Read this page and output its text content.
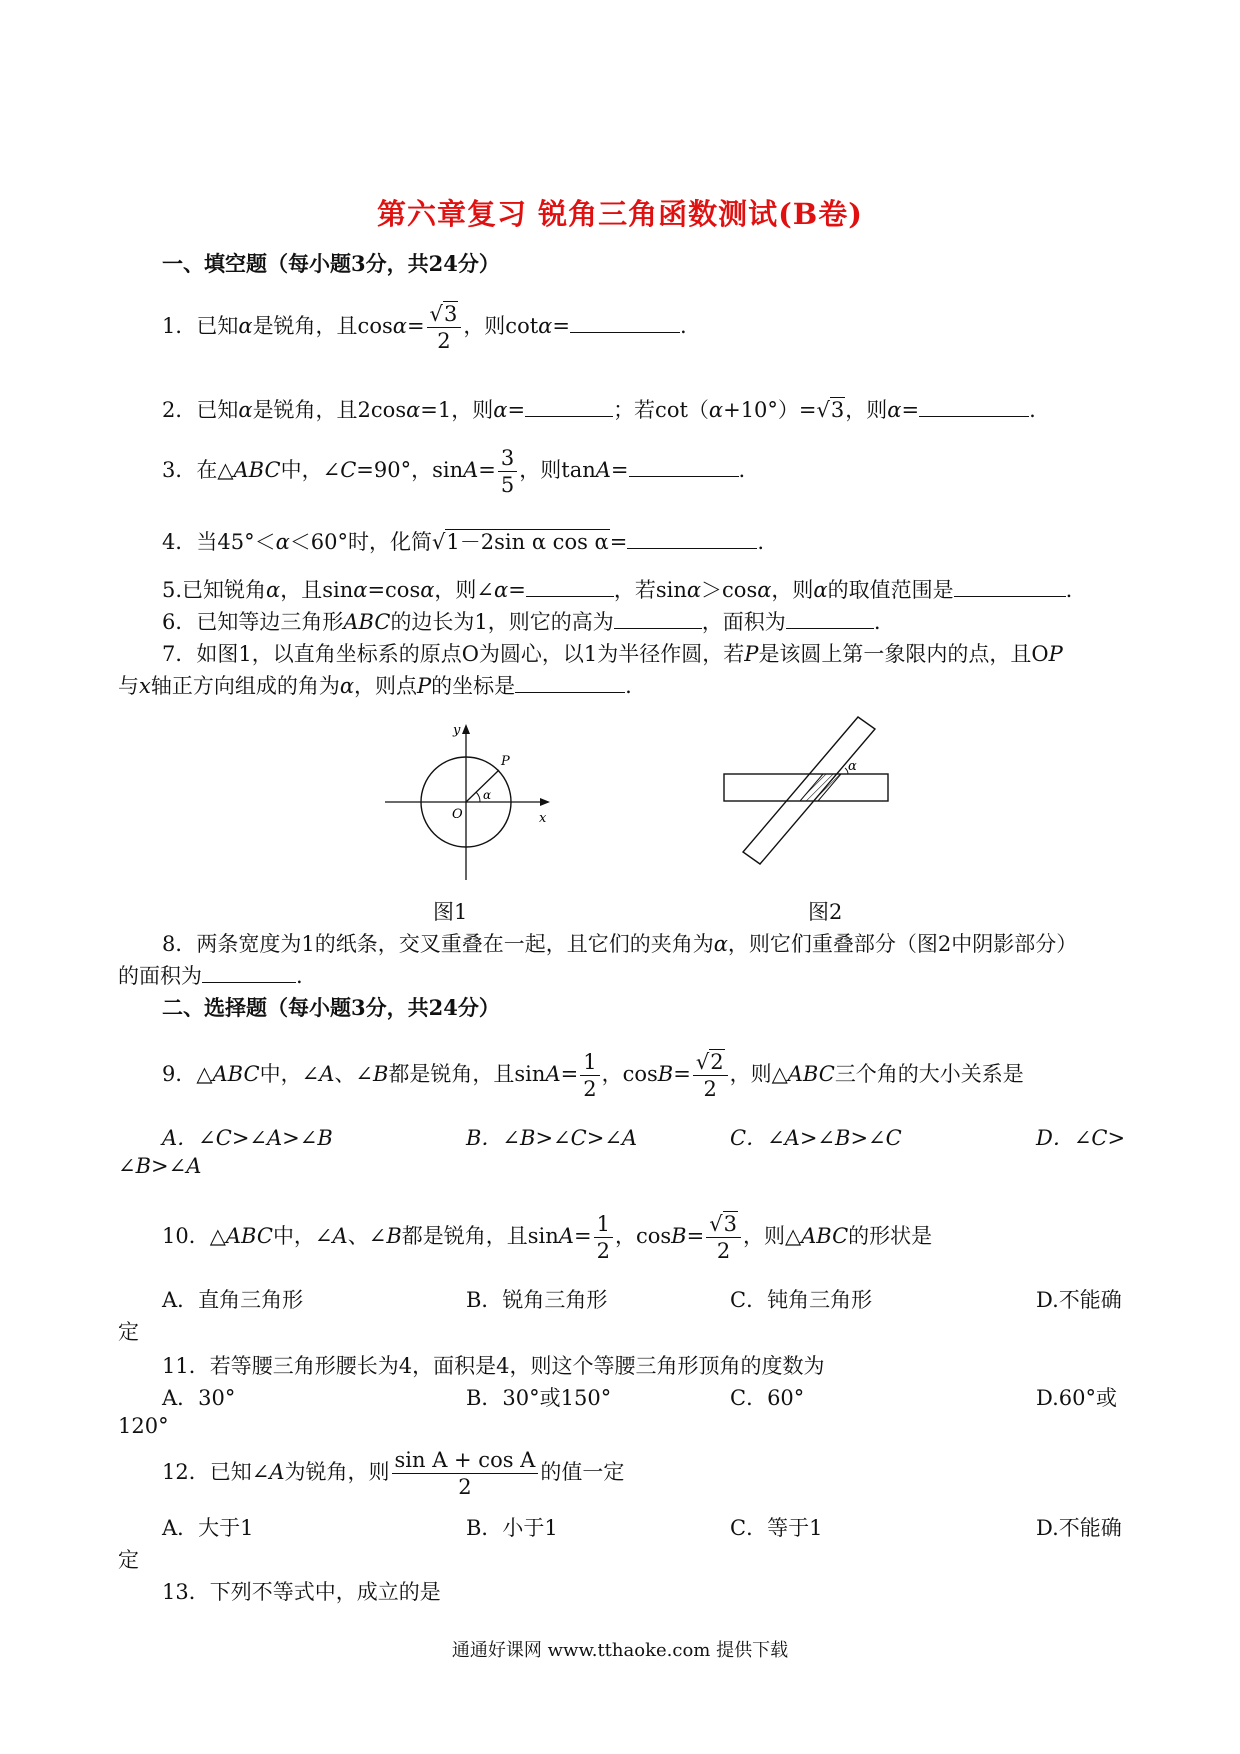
第六章复习 锐角三角函数测试(B卷)
一、填空题（每小题3分，共24分）
1．已知α是锐角，且$\cos\alpha= \frac{√3}{2}$ ，则cotα=	.
2．已知α是锐角，且2cosα=1，则α=	；若cot（α+10°）=√3，则α=	.
3．在△ABC中，∠C=90°，$\sin A= \frac{3}{5}$ ，则tanA=	.
4．当45°＜α＜60°时，化简√1－2sin α cos α=	.
5.已知锐角α，且sinα=cosα，则∠α=	，若sinα＞cosα，则α的取值范围是	.
6．已知等边三角形ABC的边长为1，则它的高为	，面积为	.
7．如图1，以直角坐标系的原点O为圆心，以1为半径作圆，若P是该圆上第一象限内的点，且OP
与x轴正方向组成的角为α，则点P的坐标是	.
y
x
O
P
α
α
图1	图2
8．两条宽度为1的纸条，交叉重叠在一起，且它们的夹角为α，则它们重叠部分（图2中阴影部分）
的面积为	.
二、选择题（每小题3分，共24分）
9．△ABC中，∠A、∠B都是锐角，且$\sin A= \frac{1}{2}$ ，$\cos B= \frac{√2}{2}$ ，则△ABC三个角的大小关系是
A．∠C>∠A>∠B	B．∠B>∠C>∠A	C．∠A>∠B>∠C	D．∠C>
∠B>∠A
10．△ABC中，∠A、∠B都是锐角，且$\sin A= \frac{1}{2}$ ，$\cos B= \frac{√3}{2}$ ，则△ABC的形状是
A．直角三角形	B．锐角三角形	C．钝角三角形	D.不能确
定
11．若等腰三角形腰长为4，面积是4，则这个等腰三角形顶角的度数为
A．30°	B．30°或150°	C．60°	D.60°或
120°
12．已知∠A为锐角，则 $\frac{\text{sin A + cos A}}{2}$ 的值一定
A．大于1	B．小于1	C．等于1	D.不能确
定
13．下列不等式中，成立的是
通通好课网 www.tthaoke.com 提供下载
